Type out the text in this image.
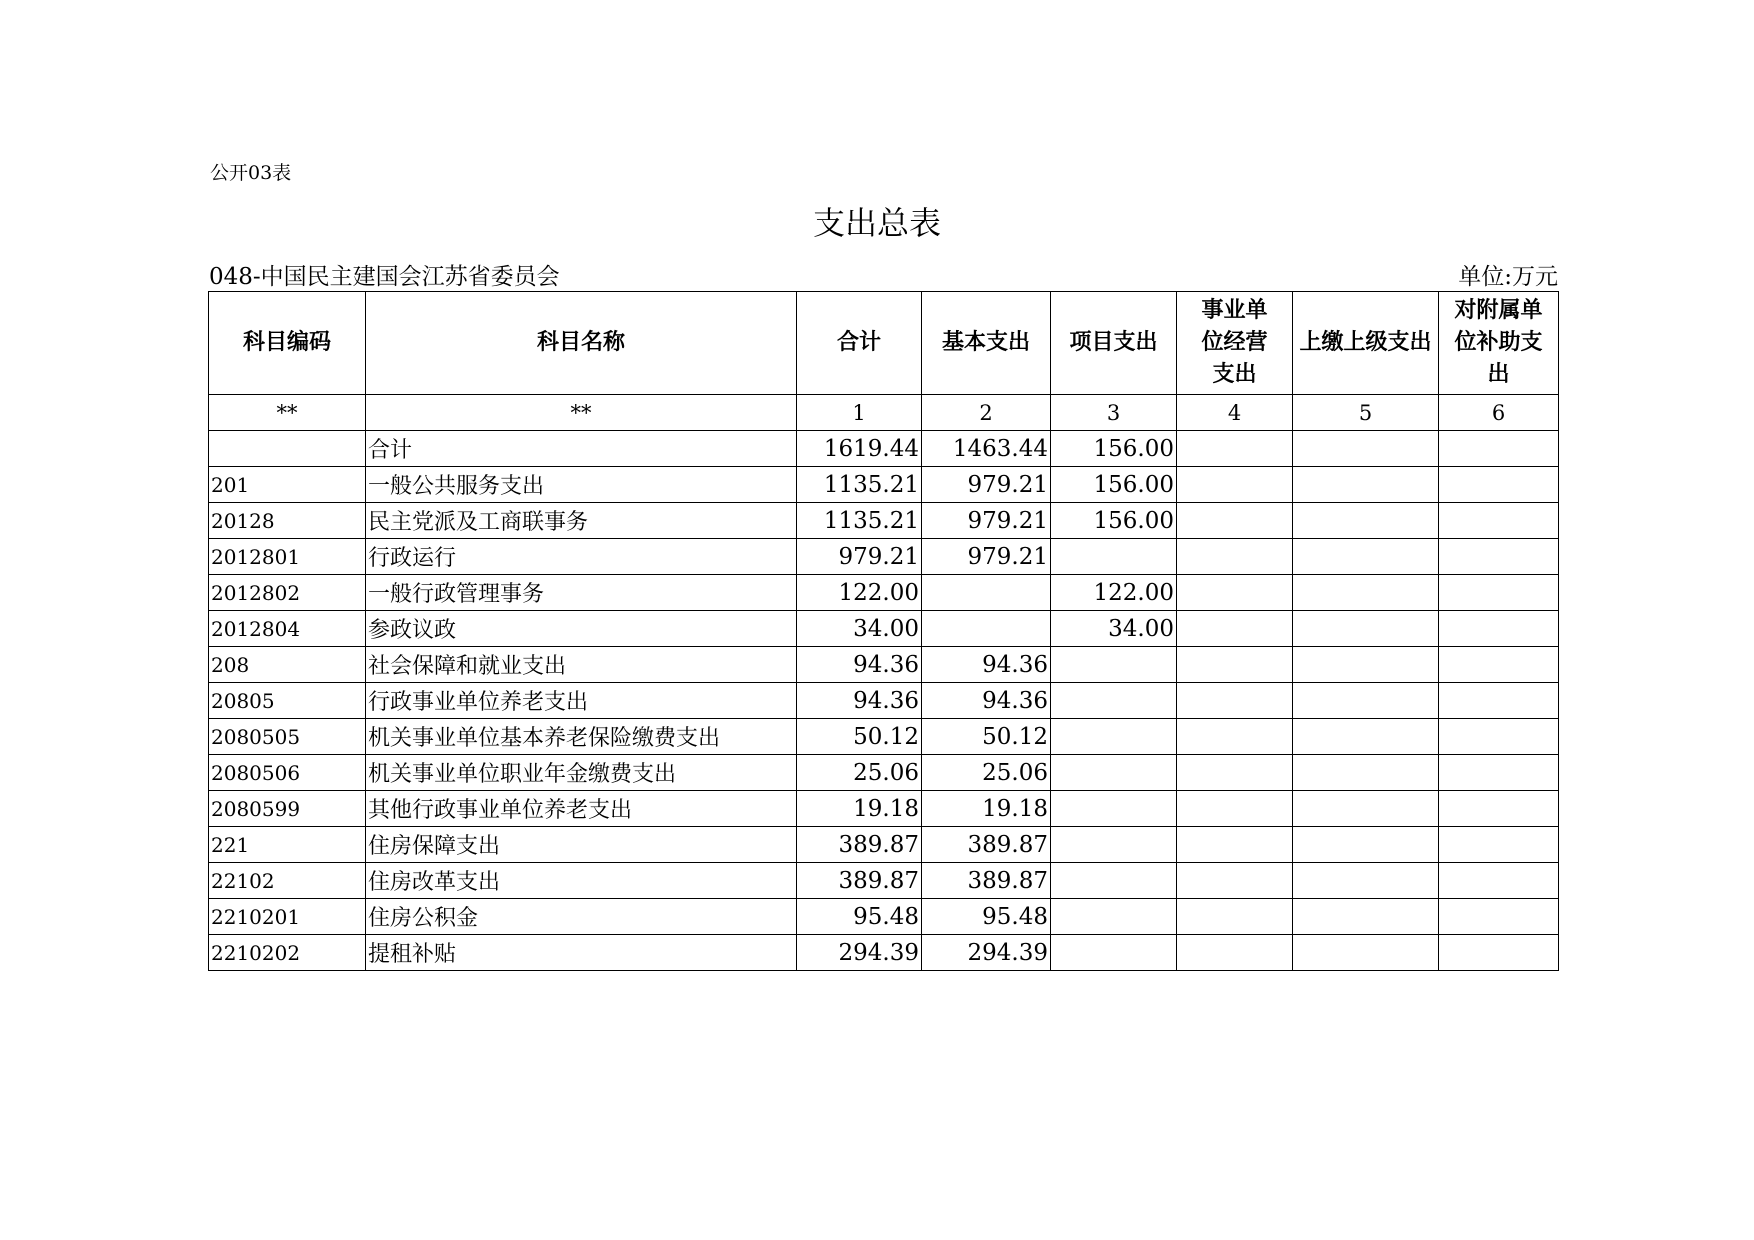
公开03表
支出总表
048-中国民主建国会江苏省委员会	单位:万元
科目编码	科目名称	合计	基本支出	项目支出	事业单位经营支出	上缴上级支出	对附属单位补助支出
**	**	1	2	3	4	5	6
	合计	1619.44	1463.44	156.00			
201	一般公共服务支出	1135.21	979.21	156.00			
20128	民主党派及工商联事务	1135.21	979.21	156.00			
2012801	行政运行	979.21	979.21				
2012802	一般行政管理事务	122.00		122.00			
2012804	参政议政	34.00		34.00			
208	社会保障和就业支出	94.36	94.36				
20805	行政事业单位养老支出	94.36	94.36				
2080505	机关事业单位基本养老保险缴费支出	50.12	50.12				
2080506	机关事业单位职业年金缴费支出	25.06	25.06				
2080599	其他行政事业单位养老支出	19.18	19.18				
221	住房保障支出	389.87	389.87				
22102	住房改革支出	389.87	389.87				
2210201	住房公积金	95.48	95.48				
2210202	提租补贴	294.39	294.39				
